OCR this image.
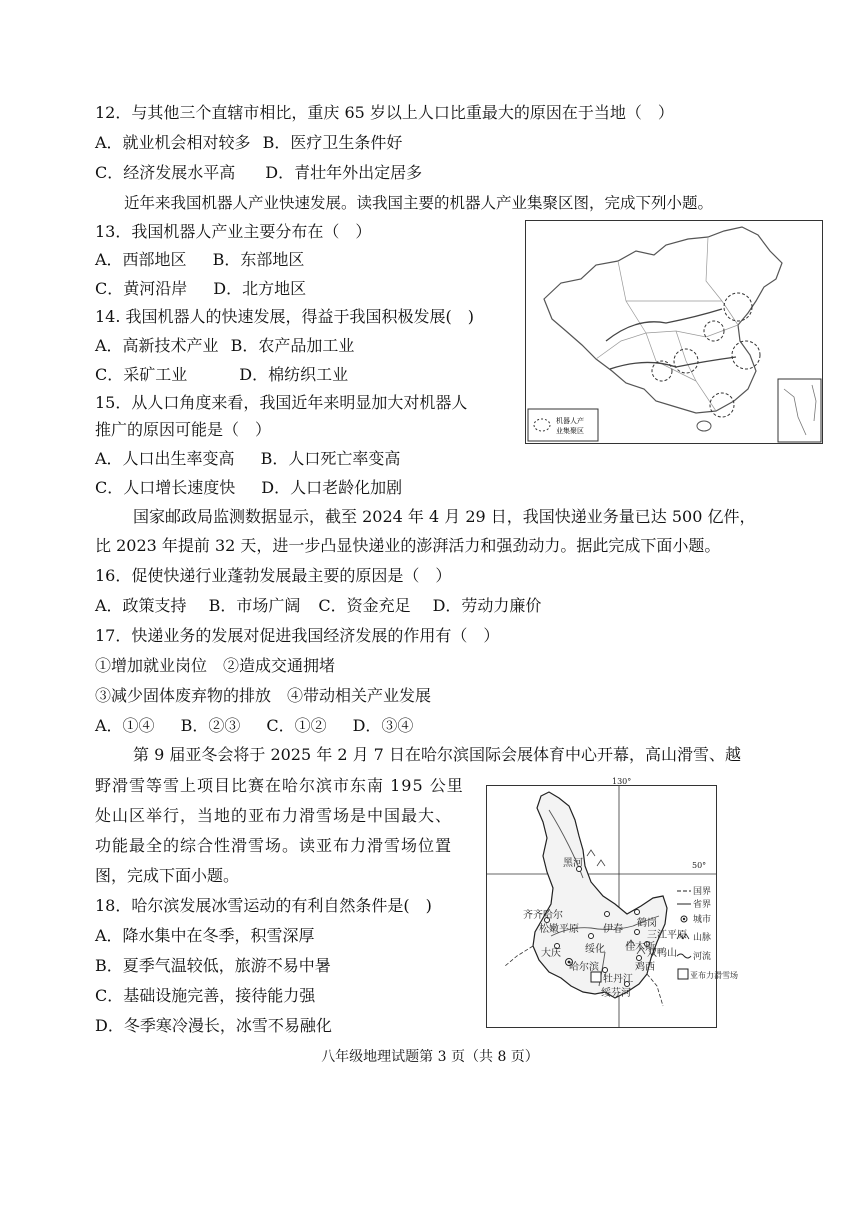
12．与其他三个直辖市相比，重庆 65 岁以上人口比重最大的原因在于当地（　）
A．就业机会相对较多 B．医疗卫生条件好
C．经济发展水平高 D．青壮年外出定居多
近年来我国机器人产业快速发展。读我国主要的机器人产业集聚区图，完成下列小题。
13．我国机器人产业主要分布在（　）
A．西部地区 B．东部地区
C．黄河沿岸 D．北方地区
14. 我国机器人的快速发展，得益于我国积极发展(　)
A．高新技术产业 B．农产品加工业
C．采矿工业	D．棉纺织工业
15．从人口角度来看，我国近年来明显加大对机器人
推广的原因可能是（　）
A．人口出生率变高 B．人口死亡率变高
C．人口增长速度快 D．人口老龄化加剧
机器人产
业集聚区
国家邮政局监测数据显示，截至 2024 年 4 月 29 日，我国快递业务量已达 500 亿件，
比 2023 年提前 32 天，进一步凸显快递业的澎湃活力和强劲动力。据此完成下面小题。
16．促使快递行业蓬勃发展最主要的原因是（　）
A．政策支持 B．市场广阔 C．资金充足 D．劳动力廉价
17．快递业务的发展对促进我国经济发展的作用有（　）
①增加就业岗位 ②造成交通拥堵
③减少固体废弃物的排放 ④带动相关产业发展
A．①④ B．②③ C．①② D．③④
第 9 届亚冬会将于 2025 年 2 月 7 日在哈尔滨国际会展体育中心开幕，高山滑雪、越
野滑雪等雪上项目比赛在哈尔滨市东南 195 公里
处山区举行，当地的亚布力滑雪场是中国最大、
功能最全的综合性滑雪场。读亚布力滑雪场位置
图，完成下面小题。
18．哈尔滨发展冰雪运动的有利自然条件是(　)
A．降水集中在冬季，积雪深厚
B．夏季气温较低，旅游不易中暑
C．基础设施完善，接待能力强
D．冬季寒冷漫长，冰雪不易融化
130°
50°
黑河
齐齐哈尔
松嫩平原 伊春
鹤岗
绥化
三江平原
佳木斯
大庆	双鸭山
鸡西
哈尔滨
牡丹江
绥芬河
国界
省界
城市
山脉
河流
亚布力滑雪场
八年级地理试题第 3 页（共 8 页）
